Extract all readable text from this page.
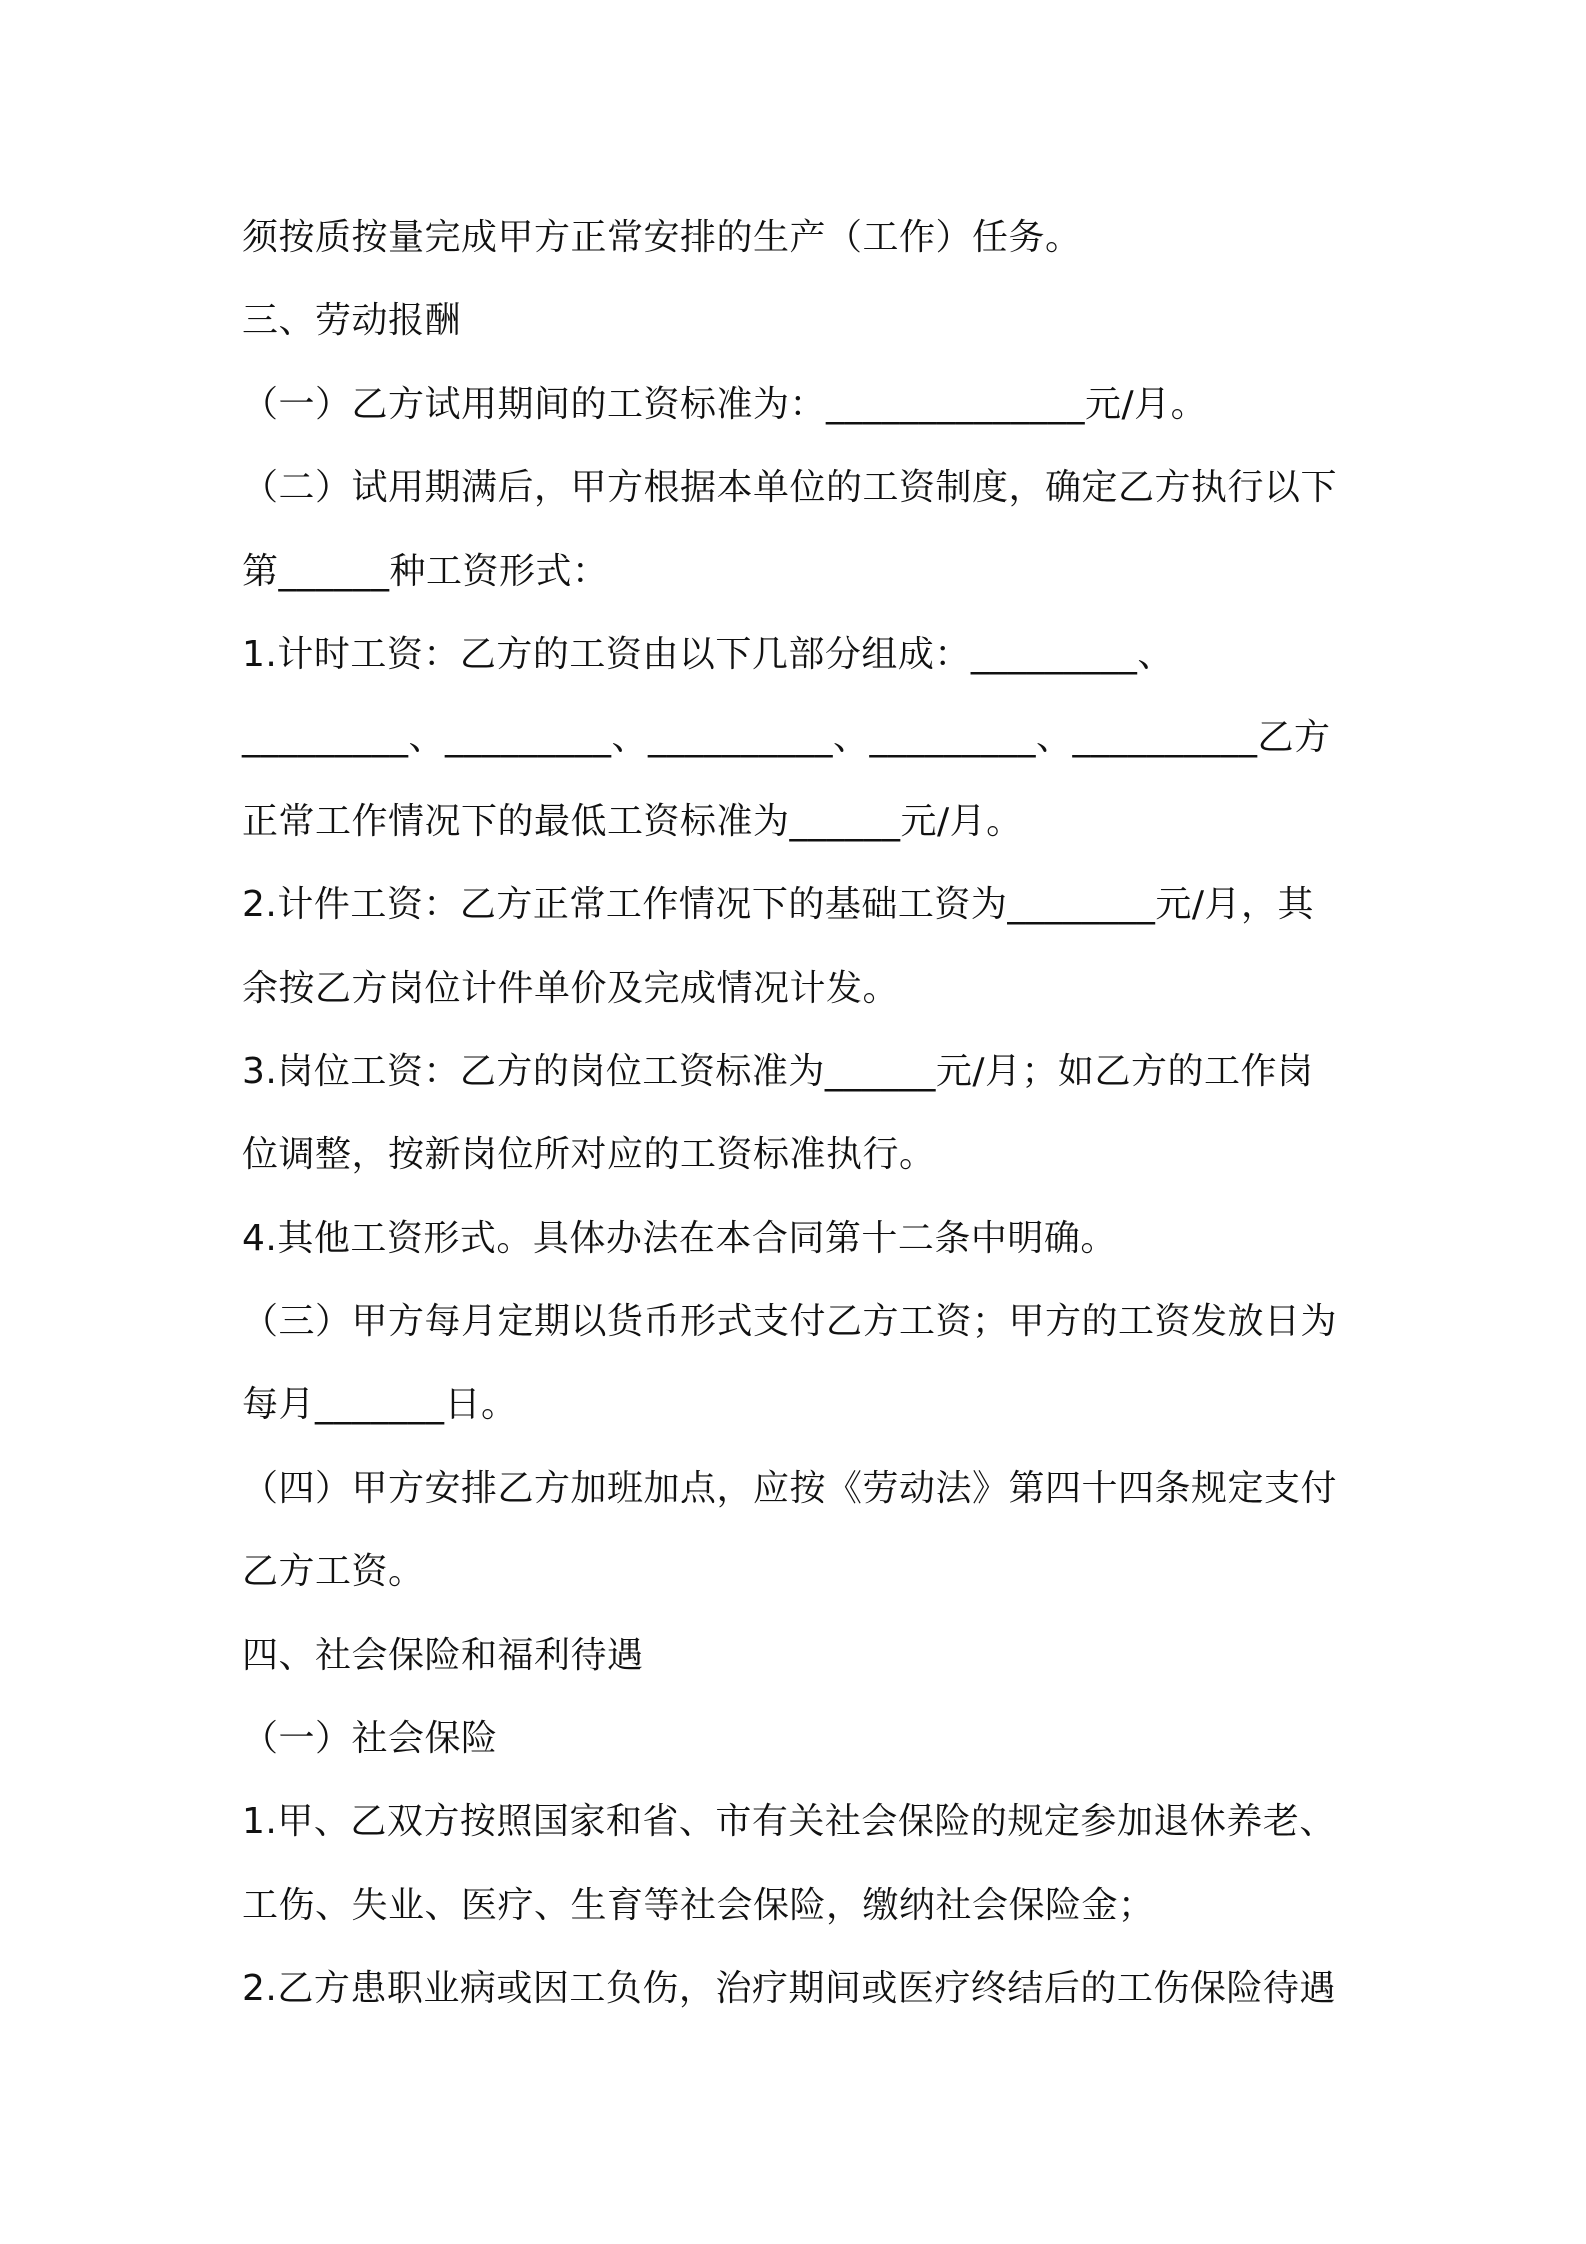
须按质按量完成甲方正常安排的生产（工作）任务。
三、劳动报酬
（一）乙方试用期间的工资标准为：______________元/月。
（二）试用期满后，甲方根据本单位的工资制度，确定乙方执行以下
第______种工资形式：
1.计时工资：乙方的工资由以下几部分组成：_________、
_________、_________、__________、_________、__________乙方
正常工作情况下的最低工资标准为______元/月。
2.计件工资：乙方正常工作情况下的基础工资为________元/月，其
余按乙方岗位计件单价及完成情况计发。
3.岗位工资：乙方的岗位工资标准为______元/月；如乙方的工作岗
位调整，按新岗位所对应的工资标准执行。
4.其他工资形式。具体办法在本合同第十二条中明确。
（三）甲方每月定期以货币形式支付乙方工资；甲方的工资发放日为
每月_______日。
（四）甲方安排乙方加班加点，应按《劳动法》第四十四条规定支付
乙方工资。
四、社会保险和福利待遇
（一）社会保险
1.甲、乙双方按照国家和省、市有关社会保险的规定参加退休养老、
工伤、失业、医疗、生育等社会保险，缴纳社会保险金；
2.乙方患职业病或因工负伤，治疗期间或医疗终结后的工伤保险待遇
